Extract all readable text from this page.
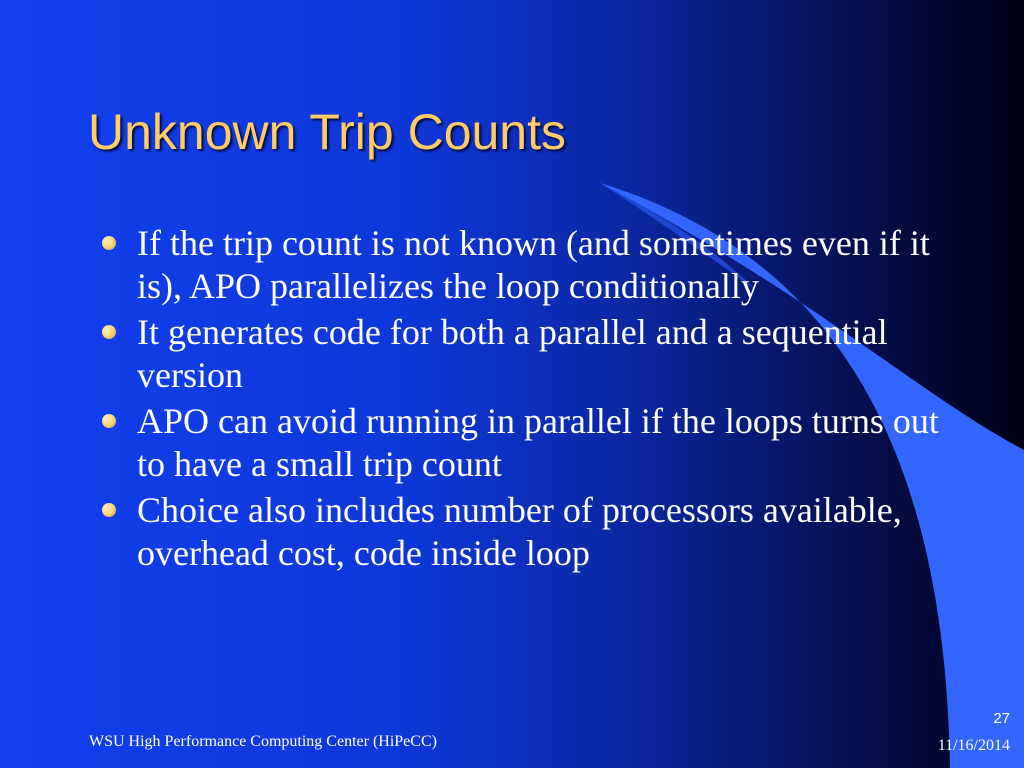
Unknown Trip Counts
If the trip count is not known (and sometimes even if it is), APO parallelizes the loop conditionally
It generates code for both a parallel and a sequential version
APO can avoid running in parallel if the loops turns out to have a small trip count
Choice also includes number of processors available, overhead cost, code inside loop
WSU High Performance Computing Center (HiPeCC)
27
11/16/2014
